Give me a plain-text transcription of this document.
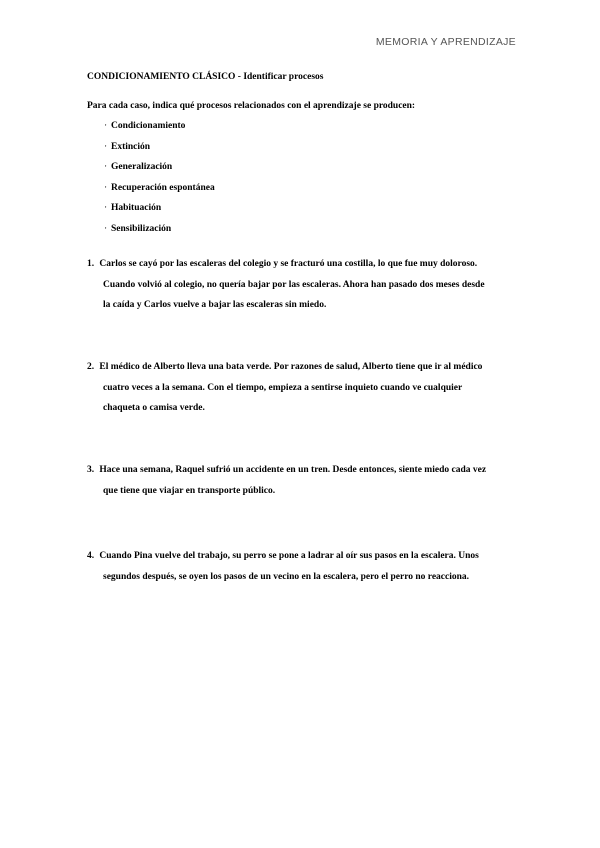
MEMORIA Y APRENDIZAJE
CONDICIONAMIENTO CLÁSICO - Identificar procesos
Para cada caso, indica qué procesos relacionados con el aprendizaje se producen:
· Condicionamiento
· Extinción
· Generalización
· Recuperación espontánea
· Habituación
· Sensibilización
1. Carlos se cayó por las escaleras del colegio y se fracturó una costilla, lo que fue muy doloroso.
Cuando volvió al colegio, no quería bajar por las escaleras. Ahora han pasado dos meses desde
la caída y Carlos vuelve a bajar las escaleras sin miedo.
2. El médico de Alberto lleva una bata verde. Por razones de salud, Alberto tiene que ir al médico
cuatro veces a la semana. Con el tiempo, empieza a sentirse inquieto cuando ve cualquier
chaqueta o camisa verde.
3. Hace una semana, Raquel sufrió un accidente en un tren. Desde entonces, siente miedo cada vez
que tiene que viajar en transporte público.
4. Cuando Pina vuelve del trabajo, su perro se pone a ladrar al oír sus pasos en la escalera. Unos
segundos después, se oyen los pasos de un vecino en la escalera, pero el perro no reacciona.
